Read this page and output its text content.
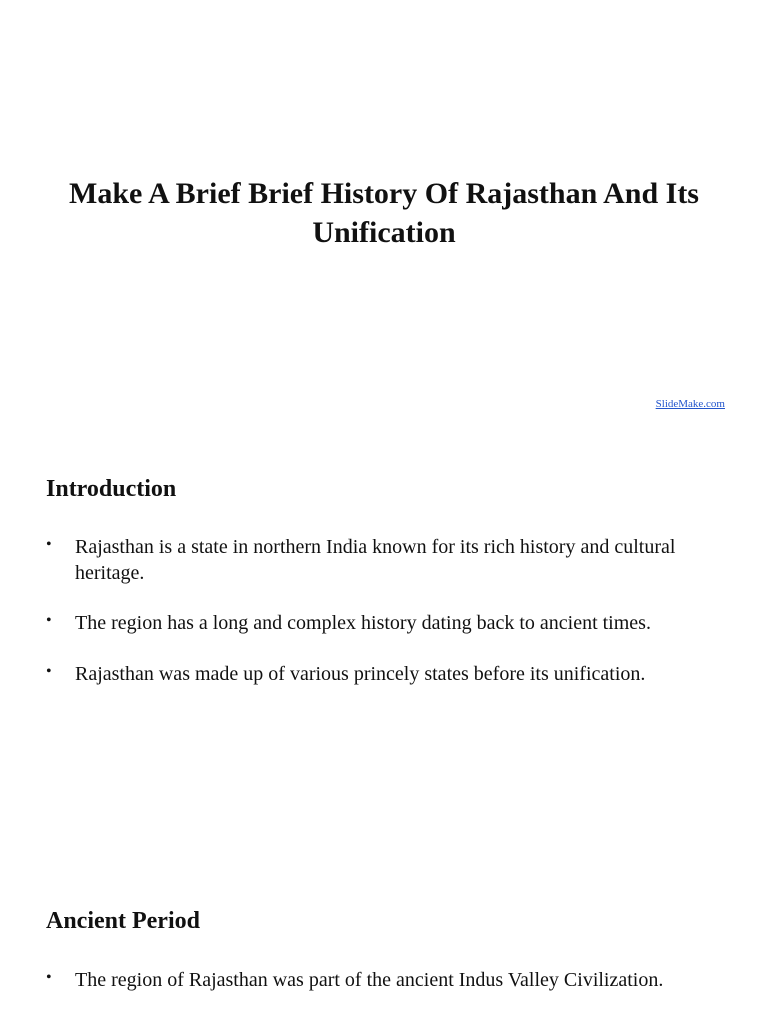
Make A Brief Brief History Of Rajasthan And Its Unification
SlideMake.com
Introduction
• Rajasthan is a state in northern India known for its rich history and cultural heritage.
• The region has a long and complex history dating back to ancient times.
• Rajasthan was made up of various princely states before its unification.
Ancient Period
• The region of Rajasthan was part of the ancient Indus Valley Civilization.
